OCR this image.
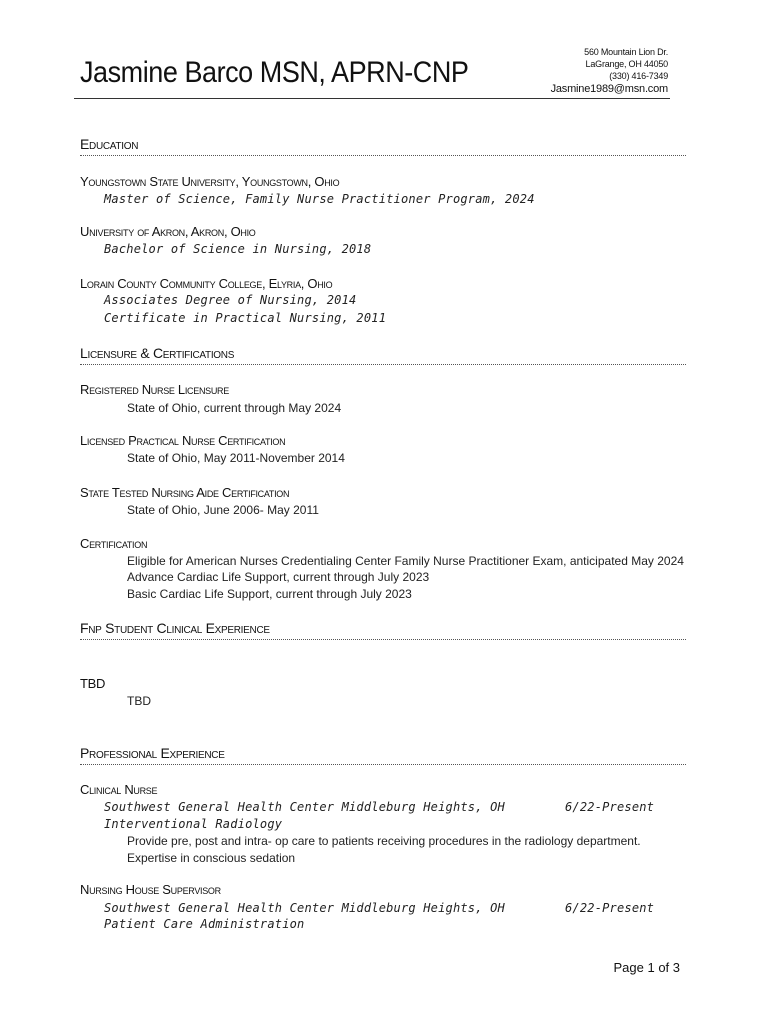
Jasmine Barco MSN, APRN-CNP
560 Mountain Lion Dr.
LaGrange, OH 44050
(330) 416-7349
Jasmine1989@msn.com
Education
Youngstown State University, Youngstown, Ohio
Master of Science, Family Nurse Practitioner Program, 2024
University of Akron, Akron, Ohio
Bachelor of Science in Nursing, 2018
Lorain County Community College, Elyria, Ohio
Associates Degree of Nursing, 2014
Certificate in Practical Nursing, 2011
Licensure & Certifications
Registered Nurse Licensure
State of Ohio, current through May 2024
Licensed Practical Nurse Certification
State of Ohio, May 2011-November 2014
State Tested Nursing Aide Certification
State of Ohio, June 2006- May 2011
Certification
Eligible for American Nurses Credentialing Center Family Nurse Practitioner Exam, anticipated May 2024
Advance Cardiac Life Support, current through July 2023
Basic Cardiac Life Support, current through July 2023
Fnp Student Clinical Experience
TBD
TBD
Professional Experience
Clinical Nurse
Southwest General Health Center Middleburg Heights, OH	6/22-Present
Interventional Radiology
Provide pre, post and intra- op care to patients receiving procedures in the radiology department.
Expertise in conscious sedation
Nursing House Supervisor
Southwest General Health Center Middleburg Heights, OH	6/22-Present
Patient Care Administration
Page 1 of 3
